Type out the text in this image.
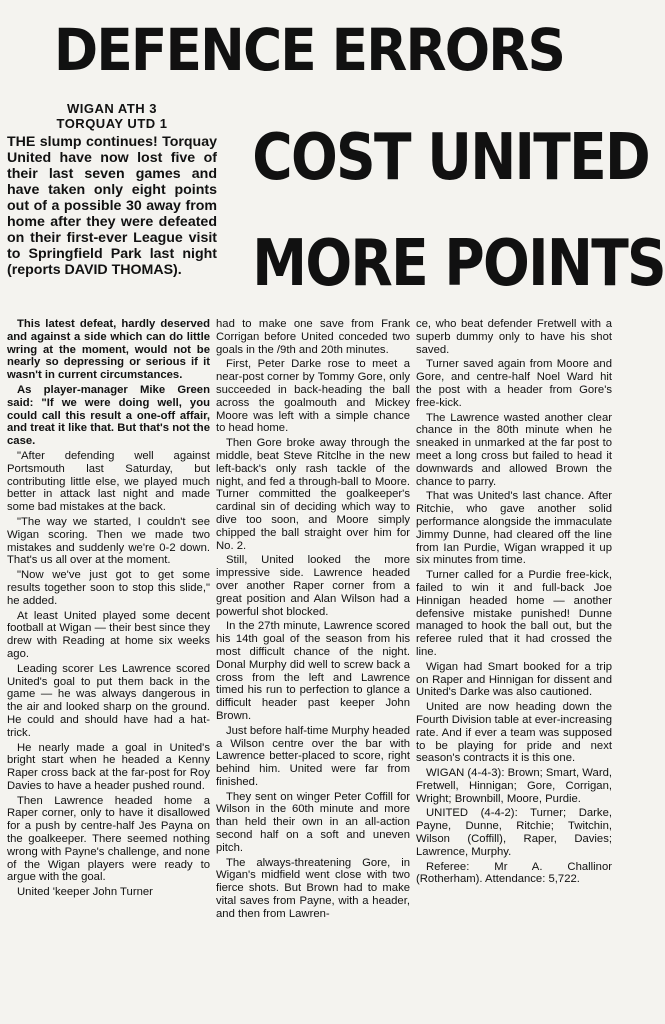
DEFENCE ERRORS
COST UNITED
MORE POINTS
WIGAN ATH 3
TORQUAY UTD 1
THE slump continues! Torquay United have now lost five of their last seven games and have taken only eight points out of a possible 30 away from home after they were defeated on their first-ever League visit to Springfield Park last night (reports DAVID THOMAS).

This latest defeat, hardly deserved and against a side which can do little wring at the moment, would not be nearly so depressing or serious if it wasn't in current circumstances.

As player-manager Mike Green said: "If we were doing well, you could call this result a one-off affair, and treat it like that. But that's not the case.

"After defending well against Portsmouth last Saturday, but contributing little else, we played much better in attack last night and made some bad mistakes at the back.

"The way we started, I couldn't see Wigan scoring. Then we made two mistakes and suddenly we're 0-2 down. That's us all over at the moment.

"Now we've just got to get some results together soon to stop this slide," he added.

At least United played some decent football at Wigan — their best since they drew with Reading at home six weeks ago.

Leading scorer Les Lawrence scored United's goal to put them back in the game — he was always dangerous in the air and looked sharp on the ground. He could and should have had a hat-trick.

He nearly made a goal in United's bright start when he headed a Kenny Raper cross back at the far-post for Roy Davies to have a header pushed round.

Then Lawrence headed home a Raper corner, only to have it disallowed for a push by centre-half Jes Payna on the goalkeeper. There seemed nothing wrong with Payne's challenge, and none of the Wigan players were ready to argue with the goal.

United 'keeper John Turner

had to make one save from Frank Corrigan before United conceded two goals in the /9th and 20th minutes.

First, Peter Darke rose to meet a near-post corner by Tommy Gore, only succeeded in back-heading the ball across the goalmouth and Mickey Moore was left with a simple chance to head home.

Then Gore broke away through the middle, beat Steve Ritclhe in the new left-back's only rash tackle of the night, and fed a through-ball to Moore. Turner committed the goalkeeper's cardinal sin of deciding which way to dive too soon, and Moore simply chipped the ball straight over him for No. 2.

Still, United looked the more impressive side. Lawrence headed over another Raper corner from a great position and Alan Wilson had a powerful shot blocked.

In the 27th minute, Lawrence scored his 14th goal of the season from his most difficult chance of the night. Donal Murphy did well to screw back a cross from the left and Lawrence timed his run to perfection to glance a difficult header past keeper John Brown.

Just before half-time Murphy headed a Wilson centre over the bar with Lawrence better-placed to score, right behind him. United were far from finished.

They sent on winger Peter Coffill for Wilson in the 60th minute and more than held their own in an all-action second half on a soft and uneven pitch.

The always-threatening Gore, in Wigan's midfield went close with two fierce shots. But Brown had to make vital saves from Payne, with a header, and then from Lawren-

ce, who beat defender Fretwell with a superb dummy only to have his shot saved.

Turner saved again from Moore and Gore, and centre-half Noel Ward hit the post with a header from Gore's free-kick.

The Lawrence wasted another clear chance in the 80th minute when he sneaked in unmarked at the far post to meet a long cross but failed to head it downwards and allowed Brown the chance to parry.

That was United's last chance. After Ritchie, who gave another solid performance alongside the immaculate Jimmy Dunne, had cleared off the line from Ian Purdie, Wigan wrapped it up six minutes from time.

Turner called for a Purdie free-kick, failed to win it and full-back Joe Hinnigan headed home — another defensive mistake punished! Dunne managed to hook the ball out, but the referee ruled that it had crossed the line.

Wigan had Smart booked for a trip on Raper and Hinnigan for dissent and United's Darke was also cautioned.

United are now heading down the Fourth Division table at ever-increasing rate. And if ever a team was supposed to be playing for pride and next season's contracts it is this one.

WIGAN (4-4-3): Brown; Smart, Ward, Fretwell, Hinnigan; Gore, Corrigan, Wright; Brownbill, Moore, Purdie.

UNITED (4-4-2): Turner; Darke, Payne, Dunne, Ritchie; Twitchin, Wilson (Coffill), Raper, Davies; Lawrence, Murphy.

Referee: Mr A. Challinor (Rotherham). Attendance: 5,722.
